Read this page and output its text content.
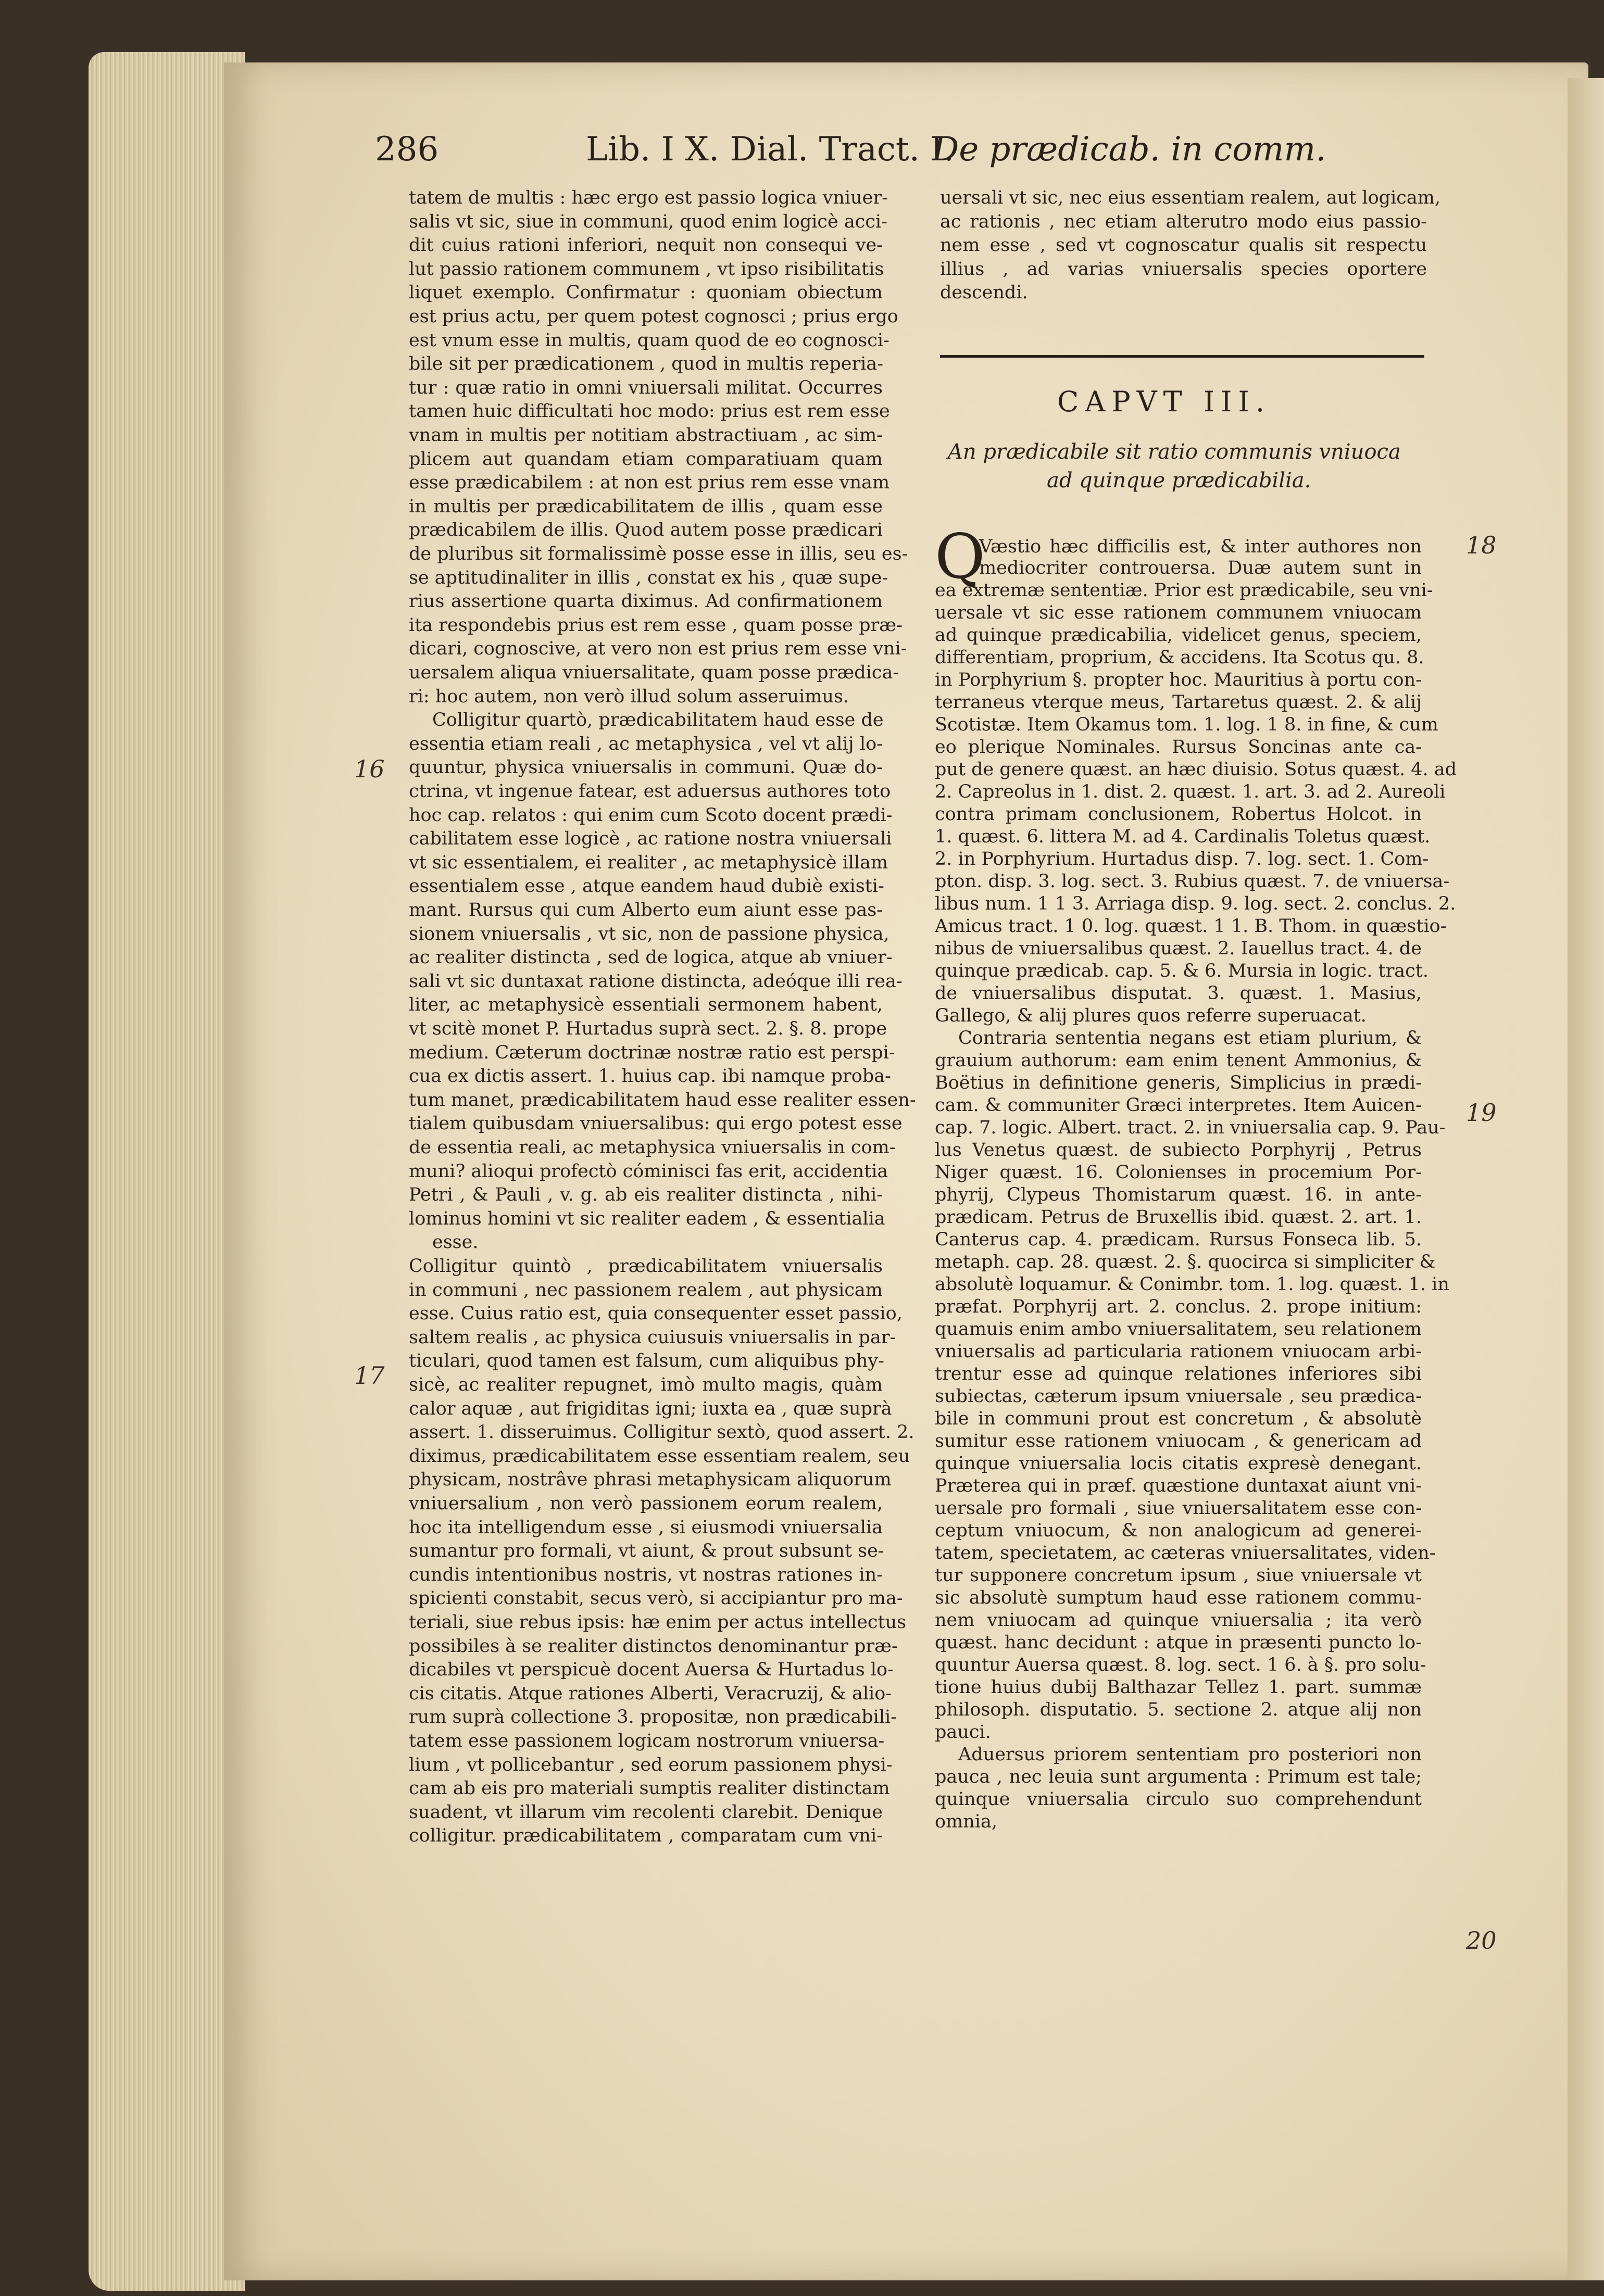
286	Lib. I X. Dial. Tract. I.
De prædicab. in comm.
16
17
18
19
20
tatem de multis : hæc ergo est passio logica vniuer-
salis vt sic, siue in communi, quod enim logicè acci-
dit cuius rationi inferiori, nequit non consequi ve-
lut passio rationem communem , vt ipso risibilitatis
liquet exemplo. Confirmatur : quoniam obiectum
est prius actu, per quem potest cognosci ; prius ergo
est vnum esse in multis, quam quod de eo cognosci-
bile sit per prædicationem , quod in multis reperia-
tur : quæ ratio in omni vniuersali militat. Occurres
tamen huic difficultati hoc modo: prius est rem esse
vnam in multis per notitiam abstractiuam , ac sim-
plicem aut quandam etiam comparatiuam quam
esse prædicabilem : at non est prius rem esse vnam
in multis per prædicabilitatem de illis , quam esse
prædicabilem de illis. Quod autem posse prædicari
de pluribus sit formalissimè posse esse in illis, seu es-
se aptitudinaliter in illis , constat ex his , quæ supe-
rius assertione quarta diximus. Ad confirmationem
ita respondebis prius est rem esse , quam posse præ-
dicari, cognoscive, at vero non est prius rem esse vni-
uersalem aliqua vniuersalitate, quam posse prædica-
ri: hoc autem, non verò illud solum asseruimus.
Colligitur quartò, prædicabilitatem haud esse de
essentia etiam reali , ac metaphysica , vel vt alij lo-
quuntur, physica vniuersalis in communi. Quæ do-
ctrina, vt ingenue fatear, est aduersus authores toto
hoc cap. relatos : qui enim cum Scoto docent prædi-
cabilitatem esse logicè , ac ratione nostra vniuersali
vt sic essentialem, ei realiter , ac metaphysicè illam
essentialem esse , atque eandem haud dubiè existi-
mant. Rursus qui cum Alberto eum aiunt esse pas-
sionem vniuersalis , vt sic, non de passione physica,
ac realiter distincta , sed de logica, atque ab vniuer-
sali vt sic duntaxat ratione distincta, adeóque illi rea-
liter, ac metaphysicè essentiali sermonem habent,
vt scitè monet P. Hurtadus suprà sect. 2. §. 8. prope
medium. Cæterum doctrinæ nostræ ratio est perspi-
cua ex dictis assert. 1. huius cap. ibi namque proba-
tum manet, prædicabilitatem haud esse realiter essen-
tialem quibusdam vniuersalibus: qui ergo potest esse
de essentia reali, ac metaphysica vniuersalis in com-
muni? alioqui profectò cóminisci fas erit, accidentia
Petri , & Pauli , v. g. ab eis realiter distincta , nihi-
lominus homini vt sic realiter eadem , & essentialia
esse.
Colligitur quintò , prædicabilitatem vniuersalis
in communi , nec passionem realem , aut physicam
esse. Cuius ratio est, quia consequenter esset passio,
saltem realis , ac physica cuiusuis vniuersalis in par-
ticulari, quod tamen est falsum, cum aliquibus phy-
sicè, ac realiter repugnet, imò multo magis, quàm
calor aquæ , aut frigiditas igni; iuxta ea , quæ suprà
assert. 1. disseruimus. Colligitur sextò, quod assert. 2.
diximus, prædicabilitatem esse essentiam realem, seu
physicam, nostrâve phrasi metaphysicam aliquorum
vniuersalium , non verò passionem eorum realem,
hoc ita intelligendum esse , si eiusmodi vniuersalia
sumantur pro formali, vt aiunt, & prout subsunt se-
cundis intentionibus nostris, vt nostras rationes in-
spicienti constabit, secus verò, si accipiantur pro ma-
teriali, siue rebus ipsis: hæ enim per actus intellectus
possibiles à se realiter distinctos denominantur præ-
dicabiles vt perspicuè docent Auersa & Hurtadus lo-
cis citatis. Atque rationes Alberti, Veracruzij, & alio-
rum suprà collectione 3. propositæ, non prædicabili-
tatem esse passionem logicam nostrorum vniuersa-
lium , vt pollicebantur , sed eorum passionem physi-
cam ab eis pro materiali sumptis realiter distinctam
suadent, vt illarum vim recolenti clarebit. Denique
colligitur. prædicabilitatem , comparatam cum vni-
uersali vt sic, nec eius essentiam realem, aut logicam,
ac rationis , nec etiam alterutro modo eius passio-
nem esse , sed vt cognoscatur qualis sit respectu
illius , ad varias vniuersalis species oportere
descendi.
CAPVT III.
An prædicabile sit ratio communis vniuoca
ad quinque prædicabilia.
Q
Væstio hæc difficilis est, & inter authores non
mediocriter controuersa. Duæ autem sunt in
ea extremæ sententiæ. Prior est prædicabile, seu vni-
uersale vt sic esse rationem communem vniuocam
ad quinque prædicabilia, videlicet genus, speciem,
differentiam, proprium, & accidens. Ita Scotus qu. 8.
in Porphyrium §. propter hoc. Mauritius à portu con-
terraneus vterque meus, Tartaretus quæst. 2. & alij
Scotistæ. Item Okamus tom. 1. log. 1 8. in fine, & cum
eo plerique Nominales. Rursus Soncinas ante ca-
put de genere quæst. an hæc diuisio. Sotus quæst. 4. ad
2. Capreolus in 1. dist. 2. quæst. 1. art. 3. ad 2. Aureoli
contra primam conclusionem, Robertus Holcot. in
1. quæst. 6. littera M. ad 4. Cardinalis Toletus quæst.
2. in Porphyrium. Hurtadus disp. 7. log. sect. 1. Com-
pton. disp. 3. log. sect. 3. Rubius quæst. 7. de vniuersa-
libus num. 1 1 3. Arriaga disp. 9. log. sect. 2. conclus. 2.
Amicus tract. 1 0. log. quæst. 1 1. B. Thom. in quæstio-
nibus de vniuersalibus quæst. 2. Iauellus tract. 4. de
quinque prædicab. cap. 5. & 6. Mursia in logic. tract.
de vniuersalibus disputat. 3. quæst. 1. Masius,
Gallego, & alij plures quos referre superuacat.
Contraria sententia negans est etiam plurium, &
grauium authorum: eam enim tenent Ammonius, &
Boëtius in definitione generis, Simplicius in prædi-
cam. & communiter Græci interpretes. Item Auicen-
cap. 7. logic. Albert. tract. 2. in vniuersalia cap. 9. Pau-
lus Venetus quæst. de subiecto Porphyrij , Petrus
Niger quæst. 16. Colonienses in procemium Por-
phyrij, Clypeus Thomistarum quæst. 16. in ante-
prædicam. Petrus de Bruxellis ibid. quæst. 2. art. 1.
Canterus cap. 4. prædicam. Rursus Fonseca lib. 5.
metaph. cap. 28. quæst. 2. §. quocirca si simpliciter &
absolutè loquamur. & Conimbr. tom. 1. log. quæst. 1. in
præfat. Porphyrij art. 2. conclus. 2. prope initium:
quamuis enim ambo vniuersalitatem, seu relationem
vniuersalis ad particularia rationem vniuocam arbi-
trentur esse ad quinque relationes inferiores sibi
subiectas, cæterum ipsum vniuersale , seu prædica-
bile in communi prout est concretum , & absolutè
sumitur esse rationem vniuocam , & genericam ad
quinque vniuersalia locis citatis expresè denegant.
Præterea qui in præf. quæstione duntaxat aiunt vni-
uersale pro formali , siue vniuersalitatem esse con-
ceptum vniuocum, & non analogicum ad generei-
tatem, specietatem, ac cæteras vniuersalitates, viden-
tur supponere concretum ipsum , siue vniuersale vt
sic absolutè sumptum haud esse rationem commu-
nem vniuocam ad quinque vniuersalia ; ita verò
quæst. hanc decidunt : atque in præsenti puncto lo-
quuntur Auersa quæst. 8. log. sect. 1 6. à §. pro solu-
tione huius dubij Balthazar Tellez 1. part. summæ
philosoph. disputatio. 5. sectione 2. atque alij non
pauci.
Aduersus priorem sententiam pro posteriori non
pauca , nec leuia sunt argumenta : Primum est tale;
quinque vniuersalia circulo suo comprehendunt
omnia,
